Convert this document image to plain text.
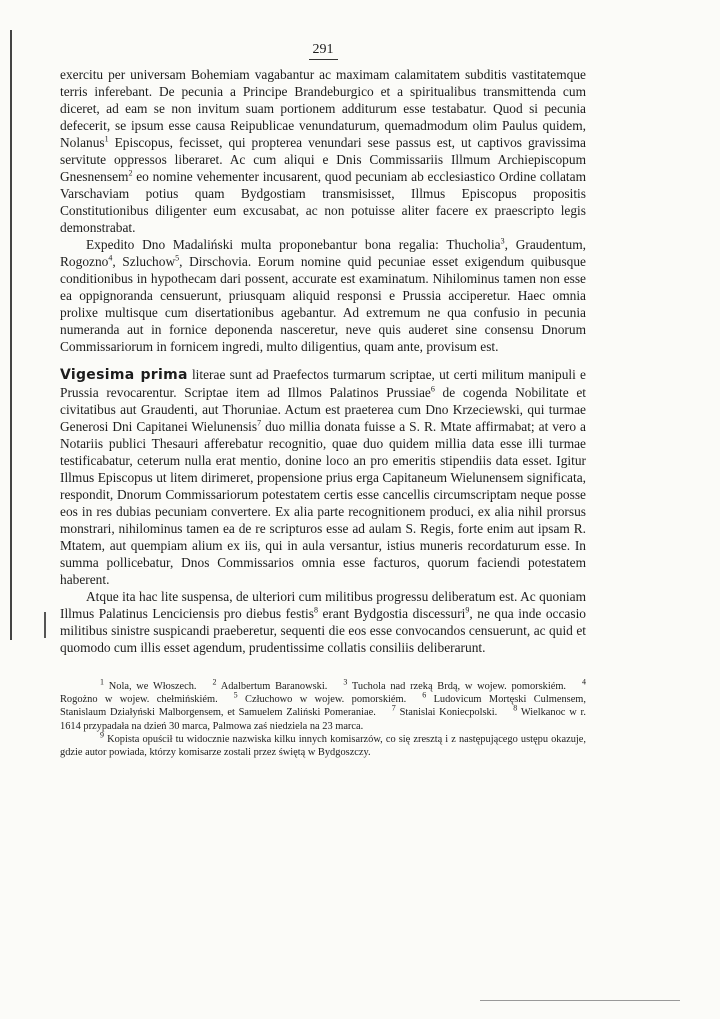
291

exercitu per universam Bohemiam vagabantur ac maximam calamitatem subditis vastitatemque terris inferebant. De pecunia a Principe Brandeburgico et a spiritualibus transmittenda cum diceret, ad eam se non invitum suam portionem additurum esse testabatur. Quod si pecunia defecerit, se ipsum esse causa Reipublicae venundaturum, quemadmodum olim Paulus quidem, Nolanus$^1$ Episcopus, fecisset, qui propterea venundari sese passus est, ut captivos gravissima servitute oppressos liberaret. Ac cum aliqui e Dnis Commissariis Illmum Archiepiscopum Gnesnensem$^2$ eo nomine vehementer incusarent, quod pecuniam ab ecclesiastico Ordine collatam Varschaviam potius quam Bydgostiam transmisisset, Illmus Episcopus propositis Constitutionibus diligenter eum excusabat, ac non potuisse aliter facere ex praescripto legis demonstrabat.

Expedito Dno Madaliński multa proponebantur bona regalia: Thucholia$^3$, Graudentum, Rogozno$^4$, Szluchow$^5$, Dirschovia. Eorum nomine quid pecuniae esset exigendum quibusque conditionibus in hypothecam dari possent, accurate est examinatum. Nihilominus tamen non esse ea oppignoranda censuerunt, priusquam aliquid responsi e Prussia acciperetur. Haec omnia prolixe multisque cum disertationibus agebantur. Ad extremum ne qua confusio in pecunia numeranda aut in fornice deponenda nasceretur, neve quis auderet sine consensu Dnorum Commissariorum in fornicem ingredi, multo diligentius, quam ante, provisum est.

Vigesima prima literae sunt ad Praefectos turmarum scriptae, ut certi militum manipuli e Prussia revocarentur. Scriptae item ad Illmos Palatinos Prussiae$^6$ de cogenda Nobilitate et civitatibus aut Graudenti, aut Thoruniae. Actum est praeterea cum Dno Krzeciewski, qui turmae Generosi Dni Capitanei Wielunensis$^7$ duo millia donata fuisse a S. R. Mtate affirmabat; at vero a Notariis publici Thesauri afferebatur recognitio, quae duo quidem millia data esse illi turmae testificabatur, ceterum nulla erat mentio, donine loco an pro emeritis stipendiis data esset. Igitur Illmus Episcopus ut litem dirimeret, propensione prius erga Capitaneum Wielunensem significata, respondit, Dnorum Commissariorum potestatem certis esse cancellis circumscriptam neque posse eos in res dubias pecuniam convertere. Ex alia parte recognitionem produci, ex alia nihil prorsus monstrari, nihilominus tamen ea de re scripturos esse ad aulam S. Regis, forte enim aut ipsam R. Mtatem, aut quempiam alium ex iis, qui in aula versantur, istius muneris recordaturum esse. In summa pollicebatur, Dnos Commissarios omnia esse facturos, quorum faciendi potestatem haberent.

Atque ita hac lite suspensa, de ulteriori cum militibus progressu deliberatum est. Ac quoniam Illmus Palatinus Lenciciensis pro diebus festis$^8$ erant Bydgostia discessuri$^9$, ne qua inde occasio militibus sinistre suspicandi praeberetur, sequenti die eos esse convocandos censuerunt, ac quid et quomodo cum illis esset agendum, prudentissime collatis consiliis deliberarunt.

$^1$ Nola, we Włoszech. $^2$ Adalbertum Baranowski. $^3$ Tuchola nad rzeką Brdą, w wojew. pomorskiém. $^4$ Rogożno w wojew. chełmińskiém. $^5$ Człuchowo w wojew. pomorskiém. $^6$ Ludovicum Mortęski Culmensem, Stanislaum Działyński Malborgensem, et Samuelem Zaliński Pomeraniae. $^7$ Stanislai Koniecpolski. $^8$ Wielkanoc w r. 1614 przypadała na dzień 30 marca, Palmowa zaś niedziela na 23 marca.

$^9$ Kopista opuścił tu widocznie nazwiska kilku innych komisarzów, co się zresztą i z następującego ustępu okazuje, gdzie autor powiada, którzy komisarze zostali przez świętą w Bydgoszczy.
